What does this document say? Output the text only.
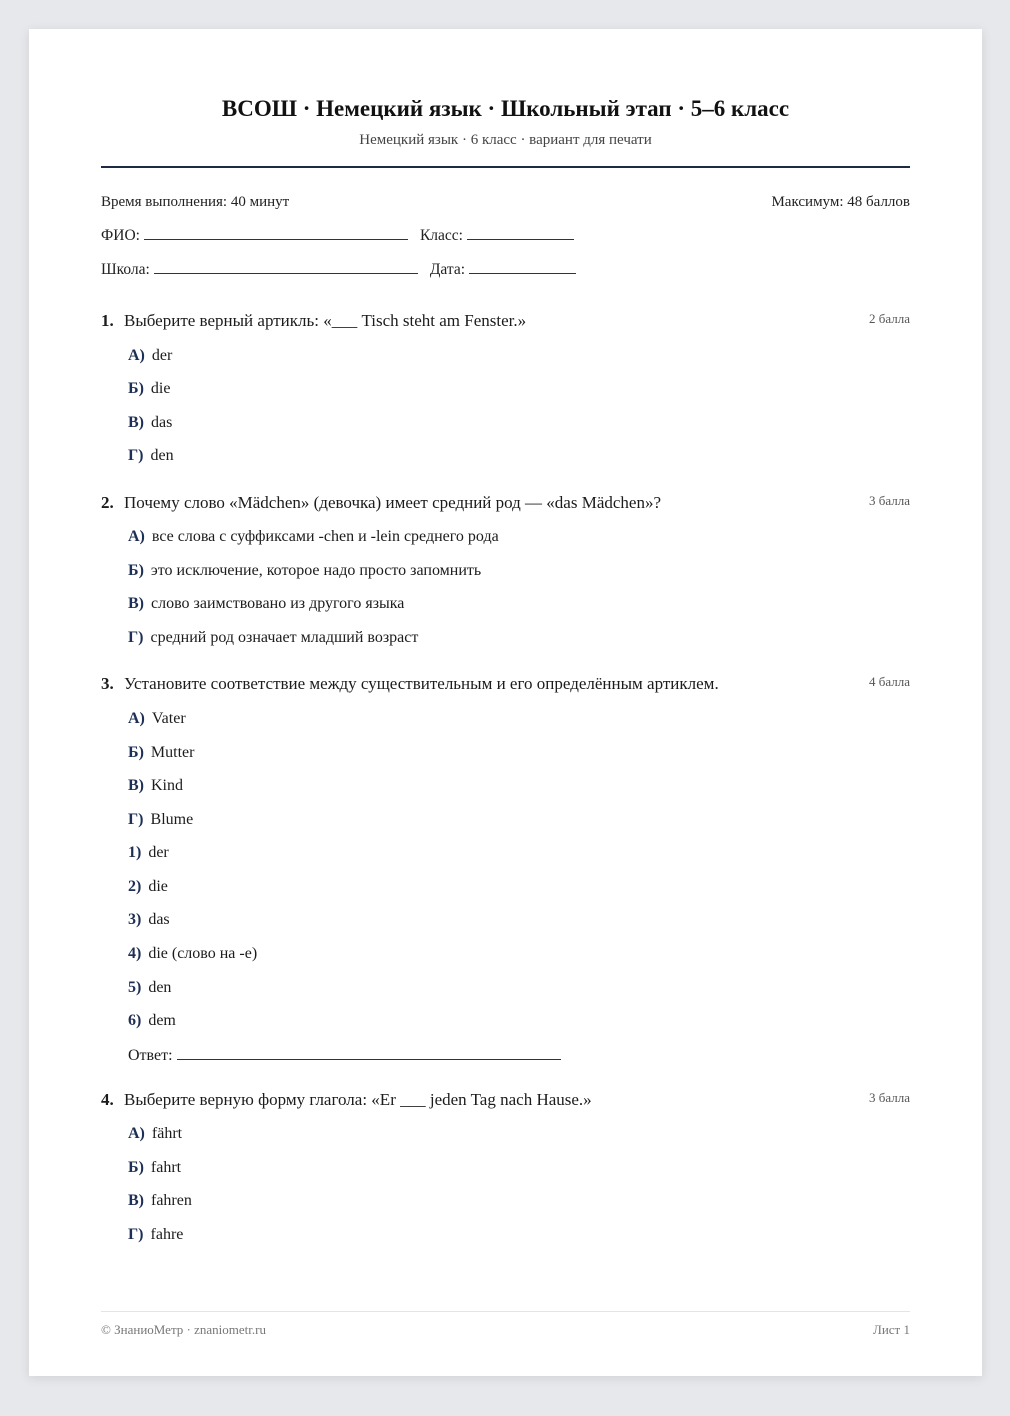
ВСОШ · Немецкий язык · Школьный этап · 5–6 класс
Немецкий язык · 6 класс · вариант для печати
Время выполнения: 40 минут	Максимум: 48 баллов
ФИО:	Класс:
Школа:	Дата:
1. Выберите верный артикль: «___ Tisch steht am Fenster.»	2 балла
А) der
Б) die
В) das
Г) den
2. Почему слово «Mädchen» (девочка) имеет средний род — «das Mädchen»?	3 балла
А) все слова с суффиксами -chen и -lein среднего рода
Б) это исключение, которое надо просто запомнить
В) слово заимствовано из другого языка
Г) средний род означает младший возраст
3. Установите соответствие между существительным и его определённым артиклем.	4 балла
А) Vater
Б) Mutter
В) Kind
Г) Blume
1) der
2) die
3) das
4) die (слово на -e)
5) den
6) dem
Ответ:
4. Выберите верную форму глагола: «Er ___ jeden Tag nach Hause.»	3 балла
А) fährt
Б) fahrt
В) fahren
Г) fahre
© ЗнаниоМетр · znaniometr.ru	Лист 1
